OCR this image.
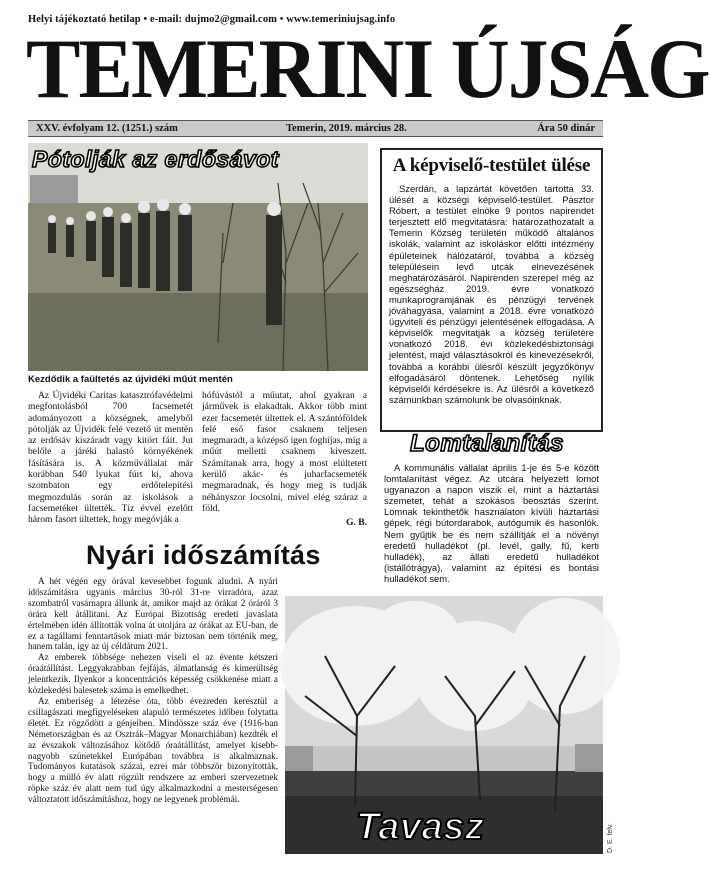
Helyi tájékoztató hetilap • e-mail: dujmo2@gmail.com • www.temeriniujsag.info
TEMERINI ÚJSÁG
XXV. évfolyam 12. (1251.) szám	Temerin, 2019. március 28.	Ára 50 dinár
Pótolják az erdősávot
Kezdődik a faültetés az újvidéki műút mentén

Az Újvidéki Caritas katasztrófavédelmi megfontolásból 700 facsemetét adományozott a községnek, amelyből pótolják az Újvidék felé vezető út mentén az erdősáv kiszáradt vagy kitört fáit. Jut belőle a járéki halastó környékének fásítására is. A közművállalat már korábban 540 lyukat fúrt ki, ahova szombaton egy erdőtelepítési megmozdulás során az iskolások a facsemetéket ültették. Tíz évvel ezelőtt három fasort ültettek, hogy megóvják a

hófúvástól a műutat, ahol gyakran a járművek is elakadtak. Akkor több mint ezer facsemetét ültettek el. A szántóföldek felé eső fasor csaknem teljesen megmaradt, a középső igen foghíjas, míg a műút melletti csaknem kiveszett. Számítanak arra, hogy a most elültetett kerülő akác- és juharfacsemeték megmaradnak, és hogy meg is tudják néhányszor locsolni, mivel elég száraz a föld.

G. B.
A képviselő-testület ülése

Szerdán, a lapzártát követően tartotta 33. ülését a községi képviselő-testület. Pásztor Róbert, a testület elnöke 9 pontos napirendet terjesztett elő megvitatásra: határozathozatalt a Temerin Község területén működő általános iskolák, valamint az iskoláskor előtti intézmény épületeinek hálózatáról, továbbá a község településein levő utcák elnevezésének meghatározásáról. Napirenden szerepel még az egészségház 2019. évre vonatkozó munkaprogramjának és pénzügyi tervének jóváhagyása, valamint a 2018. évre vonatkozó ügyviteli és pénzügyi jelentésének elfogadása. A képviselők megvitatják a község területére vonatkozó 2018. évi közlekedésbiztonsági jelentést, majd választásokról és kinevezésekről, továbbá a korábbi ülésről készült jegyzőkönyv elfogadásáról döntenek. Lehetőség nyílik képviselői kérdésekre is. Az ülésről a következő számunkban számolunk be olvasóinknak.

Lomtalanítás

A kommunális vállalat április 1-je és 5-e között lomtalanítást végez. Az utcára helyezett lomot ugyanazon a napon viszik el, mint a háztartási szemetet, tehát a szokásos beosztás szerint. Lomnak tekinthetők használaton kívüli háztartási gépek, régi bútordarabok, autógumik és hasonlók. Nem gyűjtik be és nem szállítják el a növényi eredetű hulladékot (pl. levél, gally, fű, kerti hulladék), az állati eredetű hulladékot (istállótrágya), valamint az építési és bontási hulladékot sem.

Nyári időszámítás

A hét végén egy órával kevesebbet fogunk aludni. A nyári időszámításra ugyanis március 30-ról 31-re virradóra, azaz szombatról vasárnapra állunk át, amikor majd az órákat 2 óráról 3 órára kell átállítani. Az Európai Bizottság eredeti javaslata értelmében idén állították volna át utoljára az órákat az EU-ban, de ez a tagállami fenntartások miatt már biztosan nem történik meg, hanem talán, így az új céldátum 2021.

Az emberek többsége nehezen viseli el az évente kétszeri óraátállítást. Leggyakrabban fejfájás, álmatlanság és kimerültség jelentkezik. Ilyenkor a koncentrációs képesség csökkenése miatt a közlekedési balesetek száma is emelkedhet.

Az emberiség a létezése óta, több évezreden keresztül a csillagászati megfigyeléseken alapuló természetes időben folytatta életét. Ez rögződött a génjeiben. Mindössze száz éve (1916-ban Németországban és az Osztrák–Magyar Monarchiában) kezdték el az évszakok változásához kötődő óraátállítást, amelyet kisebb-nagyobb szünetekkel Európában továbbra is alkalmaznak. Tudományos kutatások százai, ezrei már többször bizonyították, hogy a mülló év alatt rögzült rendszere az emberi szervezetnek röpke száz év alatt nem tud úgy alkalmazkodni a mesterségesen változtatott időszámításhoz, hogy ne legyenek problémái.

Tavasz	D. E. felv.
